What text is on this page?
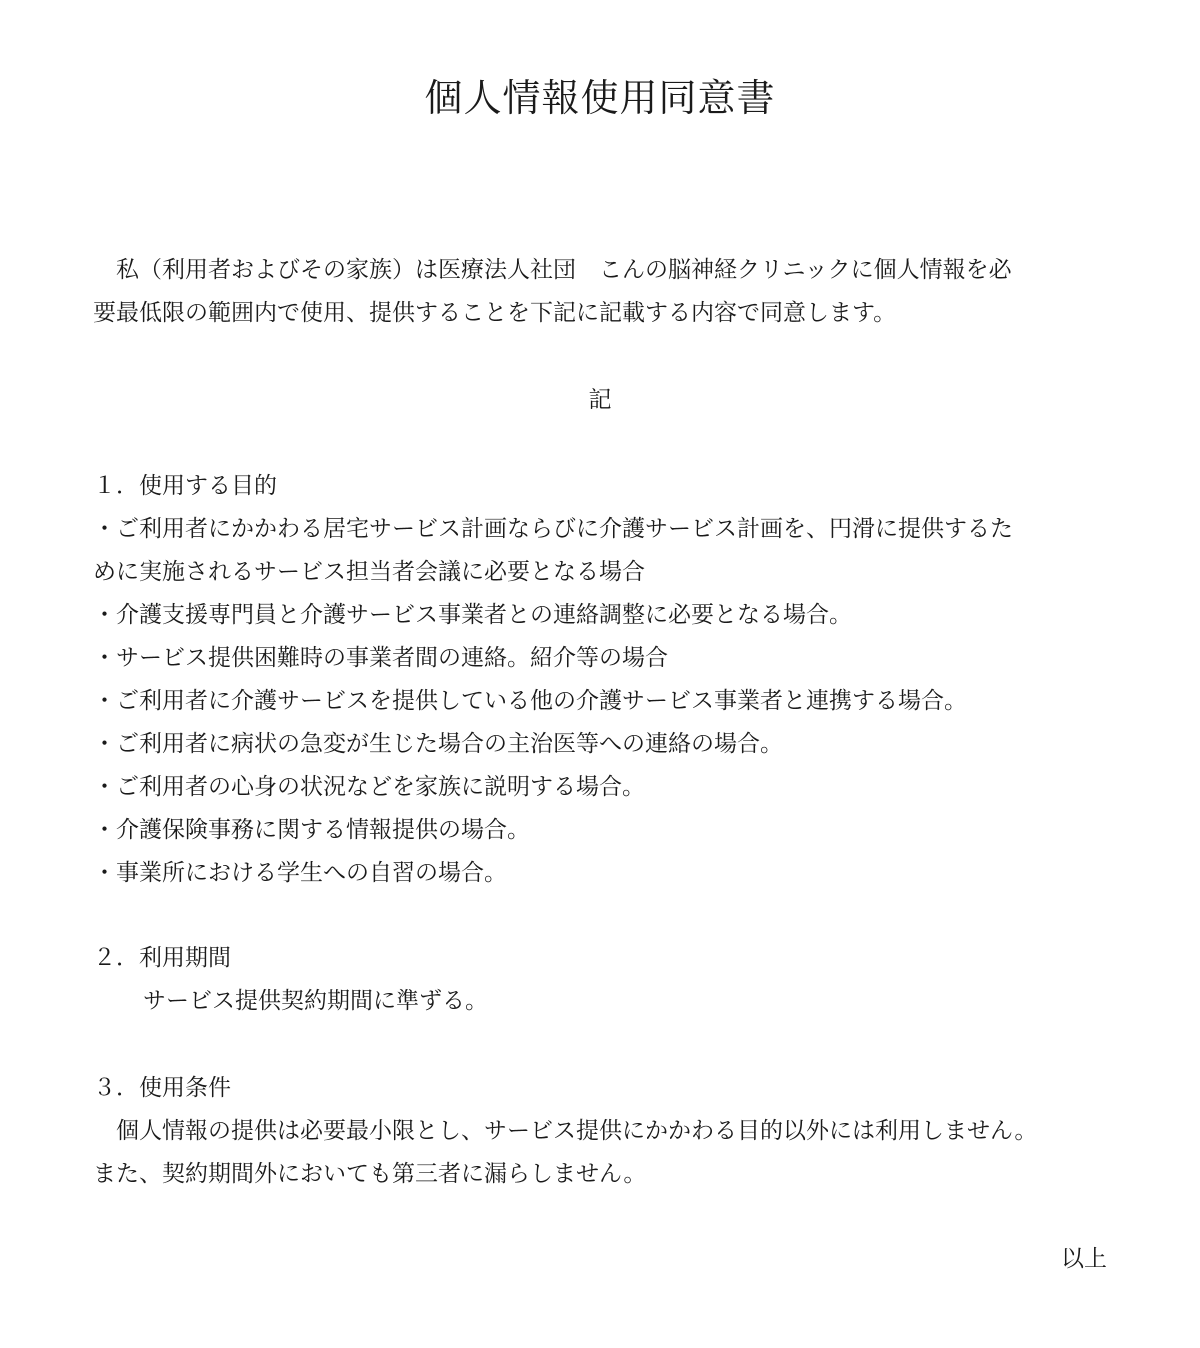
個人情報使用同意書
私（利用者およびその家族）は医療法人社団　こんの脳神経クリニックに個人情報を必
要最低限の範囲内で使用、提供することを下記に記載する内容で同意します。
記
１．使用する目的
・ご利用者にかかわる居宅サービス計画ならびに介護サービス計画を、円滑に提供するた
めに実施されるサービス担当者会議に必要となる場合
・介護支援専門員と介護サービス事業者との連絡調整に必要となる場合。
・サービス提供困難時の事業者間の連絡。紹介等の場合
・ご利用者に介護サービスを提供している他の介護サービス事業者と連携する場合。
・ご利用者に病状の急変が生じた場合の主治医等への連絡の場合。
・ご利用者の心身の状況などを家族に説明する場合。
・介護保険事務に関する情報提供の場合。
・事業所における学生への自習の場合。
２．利用期間
サービス提供契約期間に準ずる。
３．使用条件
個人情報の提供は必要最小限とし、サービス提供にかかわる目的以外には利用しません。
また、契約期間外においても第三者に漏らしません。
以上
